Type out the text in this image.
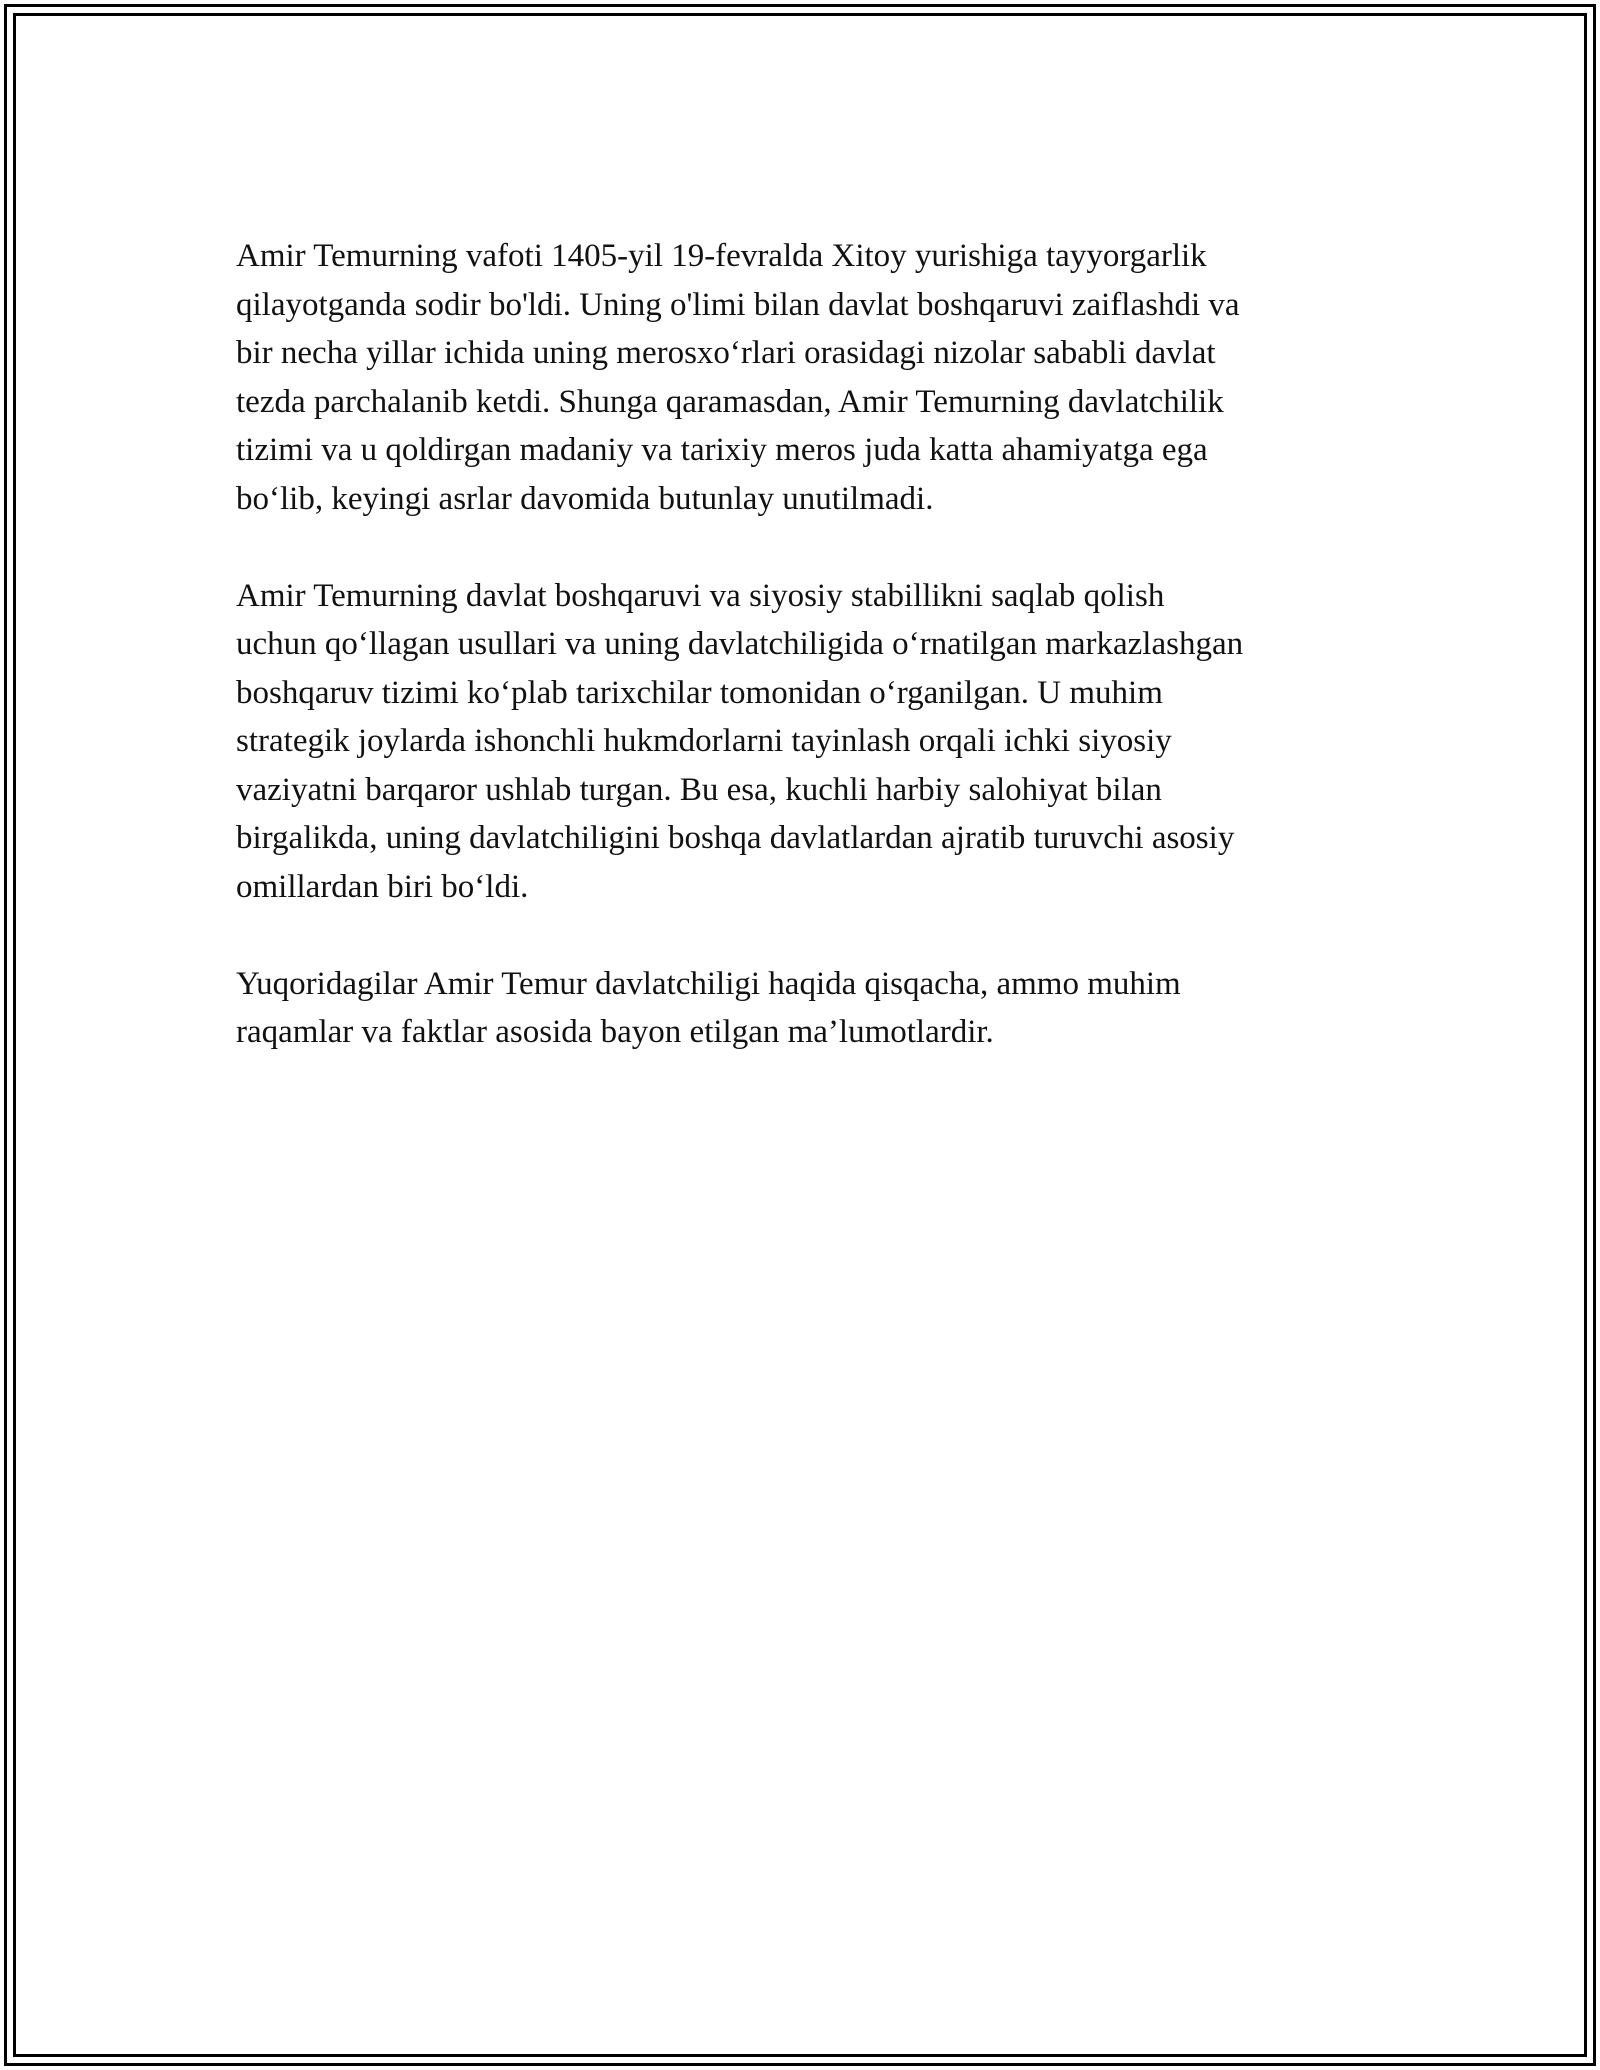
Amir Temurning vafoti 1405-yil 19-fevralda Xitoy yurishiga tayyorgarlik
qilayotganda sodir bo'ldi. Uning o'limi bilan davlat boshqaruvi zaiflashdi va
bir necha yillar ichida uning merosxoʻrlari orasidagi nizolar sababli davlat
tezda parchalanib ketdi. Shunga qaramasdan, Amir Temurning davlatchilik
tizimi va u qoldirgan madaniy va tarixiy meros juda katta ahamiyatga ega
boʻlib, keyingi asrlar davomida butunlay unutilmadi.

Amir Temurning davlat boshqaruvi va siyosiy stabillikni saqlab qolish
uchun qoʻllagan usullari va uning davlatchiligida oʻrnatilgan markazlashgan
boshqaruv tizimi koʻplab tarixchilar tomonidan oʻrganilgan. U muhim
strategik joylarda ishonchli hukmdorlarni tayinlash orqali ichki siyosiy
vaziyatni barqaror ushlab turgan. Bu esa, kuchli harbiy salohiyat bilan
birgalikda, uning davlatchiligini boshqa davlatlardan ajratib turuvchi asosiy
omillardan biri boʻldi.

Yuqoridagilar Amir Temur davlatchiligi haqida qisqacha, ammo muhim
raqamlar va faktlar asosida bayon etilgan ma’lumotlardir.
